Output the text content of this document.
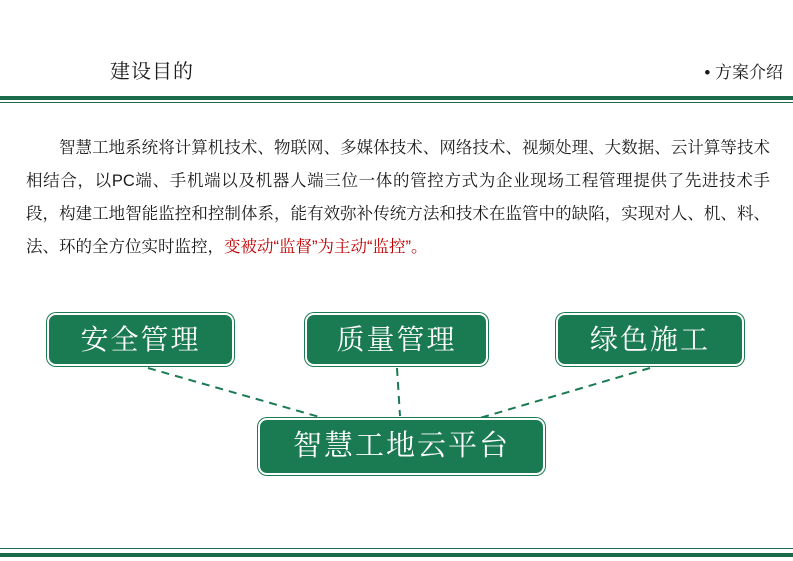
建设目的	• 方案介绍
智慧工地系统将计算机技术、物联网、多媒体技术、网络技术、视频处理、大数据、云计算等技术相结合，以PC端、手机端以及机器人端三位一体的管控方式为企业现场工程管理提供了先进技术手段，构建工地智能监控和控制体系，能有效弥补传统方法和技术在监管中的缺陷，实现对人、机、料、法、环的全方位实时监控，变被动“监督”为主动“监控”。
安全管理	质量管理	绿色施工
智慧工地云平台
